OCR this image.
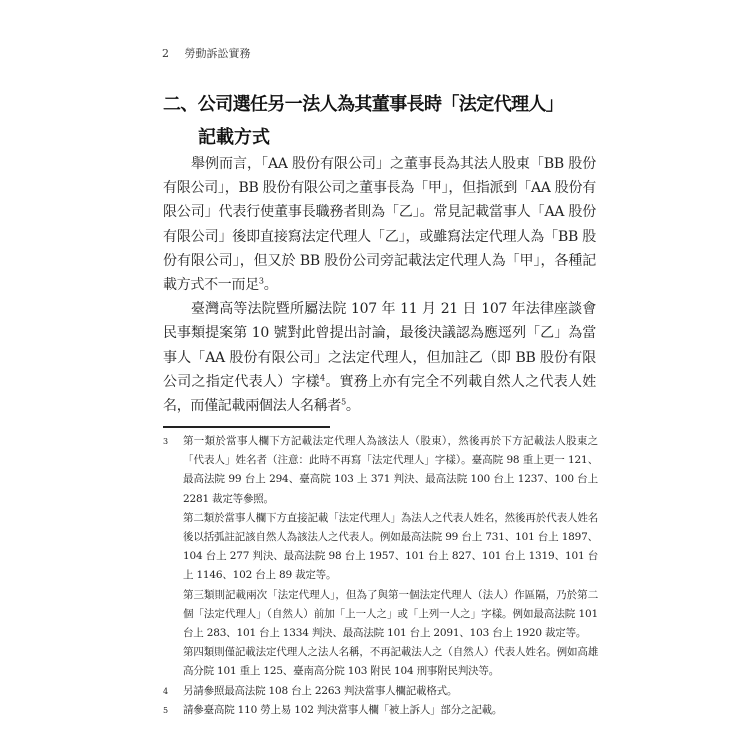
2 勞動訴訟實務
二、公司選任另一法人為其董事長時「法定代理人」
記載方式

舉例而言，「AA 股份有限公司」之董事長為其法人股東「BB 股份有限公司」，BB 股份有限公司之董事長為「甲」，但指派到「AA 股份有限公司」代表行使董事長職務者則為「乙」。常見記載當事人「AA 股份有限公司」後即直接寫法定代理人「乙」，或雖寫法定代理人為「BB 股份有限公司」，但又於 BB 股份公司旁記載法定代理人為「甲」，各種記載方式不一而足$^3$。

臺灣高等法院暨所屬法院 107 年 11 月 21 日 107 年法律座談會民事類提案第 10 號對此曾提出討論，最後決議認為應逕列「乙」為當事人「AA 股份有限公司」之法定代理人，但加註乙（即 BB 股份有限公司之指定代表人）字樣$^4$。實務上亦有完全不列載自然人之代表人姓名，而僅記載兩個法人名稱者$^5$。

3 第一類於當事人欄下方記載法定代理人為該法人（股東），然後再於下方記載法人股東之「代表人」姓名者（注意：此時不再寫「法定代理人」字樣）。臺高院 98 重上更一 121、最高法院 99 台上 294、臺高院 103 上 371 判決、最高法院 100 台上 1237、100 台上 2281 裁定等參照。
第二類於當事人欄下方直接記載「法定代理人」為法人之代表人姓名，然後再於代表人姓名後以括弧註記該自然人為該法人之代表人。例如最高法院 99 台上 731、101 台上 1897、104 台上 277 判決、最高法院 98 台上 1957、101 台上 827、101 台上 1319、101 台上 1146、102 台上 89 裁定等。
第三類則記載兩次「法定代理人」，但為了與第一個法定代理人（法人）作區隔，乃於第二個「法定代理人」（自然人）前加「上一人之」或「上列一人之」字樣。例如最高法院 101 台上 283、101 台上 1334 判決、最高法院 101 台上 2091、103 台上 1920 裁定等。
第四類則僅記載法定代理人之法人名稱，不再記載法人之（自然人）代表人姓名。例如高雄高分院 101 重上 125、臺南高分院 103 附民 104 刑事附民判決等。
4 另請參照最高法院 108 台上 2263 判決當事人欄記載格式。
5 請參臺高院 110 勞上易 102 判決當事人欄「被上訴人」部分之記載。
